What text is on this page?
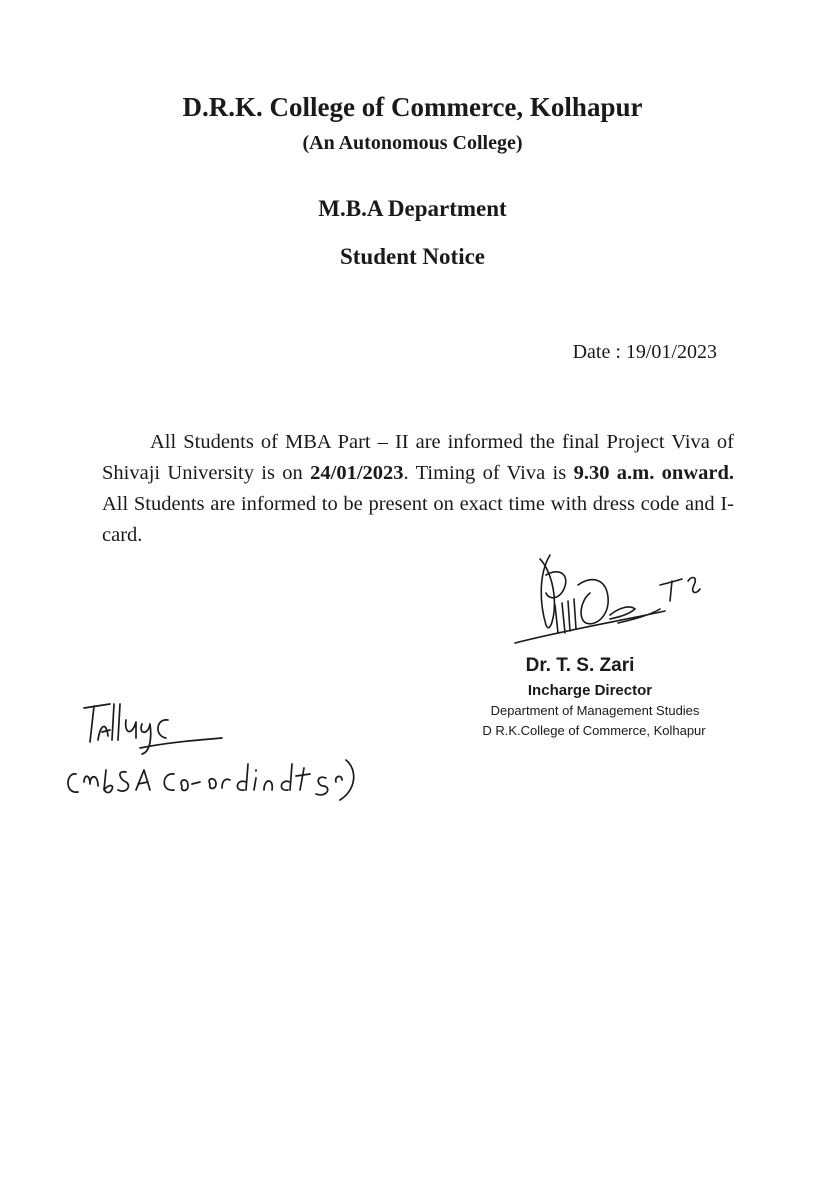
D.R.K. College of Commerce, Kolhapur
(An Autonomous College)
M.B.A Department
Student Notice
Date : 19/01/2023
All Students of MBA Part – II are informed the final Project Viva of Shivaji University is on 24/01/2023. Timing of Viva is 9.30 a.m. onward. All Students are informed to be present on exact time with dress code and I-card.
Dr. T. S. Zari
Incharge Director
Department of Management Studies
D R.K.College of Commerce, Kolhapur
